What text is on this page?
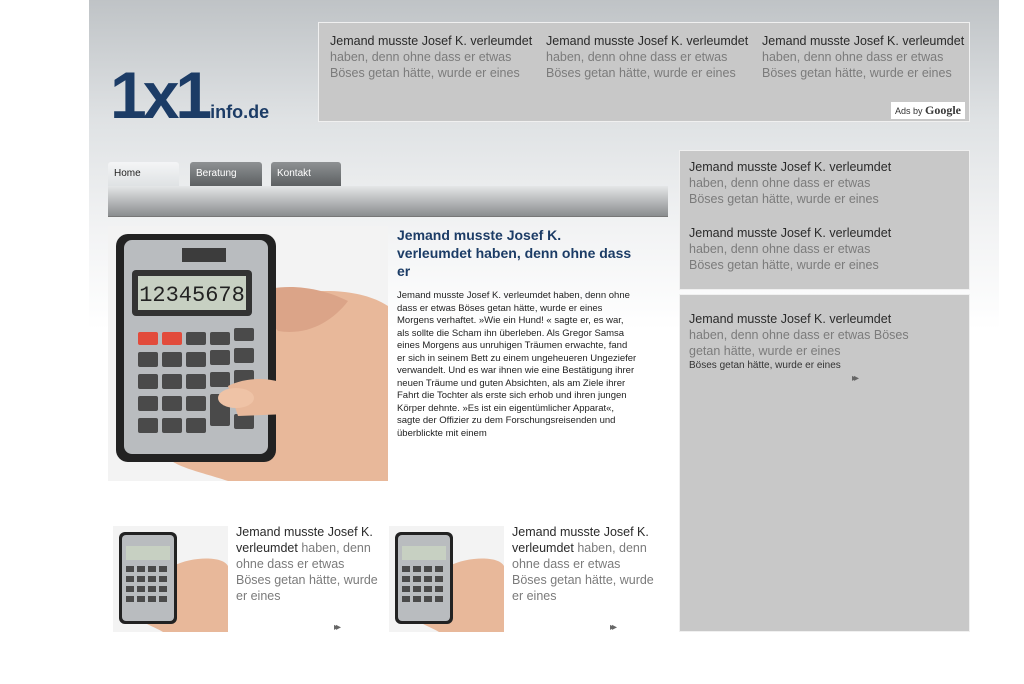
1x1 info.de
Jemand musste Josef K. verleumdet
haben, denn ohne dass er etwas
Böses getan hätte, wurde er eines
Jemand musste Josef K. verleumdet
haben, denn ohne dass er etwas
Böses getan hätte, wurde er eines
Jemand musste Josef K. verleumdet
haben, denn ohne dass er etwas
Böses getan hätte, wurde er eines
Ads by Google
Home	Beratung	Kontakt
12345678
Jemand musste Josef K. verleumdet haben, denn ohne dass er

Jemand musste Josef K. verleumdet haben, denn ohne dass er etwas Böses getan hätte, wurde er eines Morgens verhaftet. »Wie ein Hund! « sagte er, es war, als sollte die Scham ihn überleben. Als Gregor Samsa eines Morgens aus unruhigen Träumen erwachte, fand er sich in seinem Bett zu einem ungeheueren Ungeziefer verwandelt. Und es war ihnen wie eine Bestätigung ihrer neuen Träume und guten Absichten, als am Ziele ihrer Fahrt die Tochter als erste sich erhob und ihren jungen Körper dehnte. »Es ist ein eigentümlicher Apparat«, sagte der Offizier zu dem Forschungsreisenden und überblickte mit einem

Jemand musste Josef K. verleumdet haben, denn ohne dass er etwas Böses getan hätte, wurde er eines
▸▸
Jemand musste Josef K. verleumdet haben, denn ohne dass er etwas Böses getan hätte, wurde er eines
▸▸
Jemand musste Josef K. verleumdet
haben, denn ohne dass er etwas
Böses getan hätte, wurde er eines
Jemand musste Josef K. verleumdet
haben, denn ohne dass er etwas
Böses getan hätte, wurde er eines
Jemand musste Josef K. verleumdet
haben, denn ohne dass er etwas Böses
getan hätte, wurde er eines
Böses getan hätte, wurde er eines
▸▸
